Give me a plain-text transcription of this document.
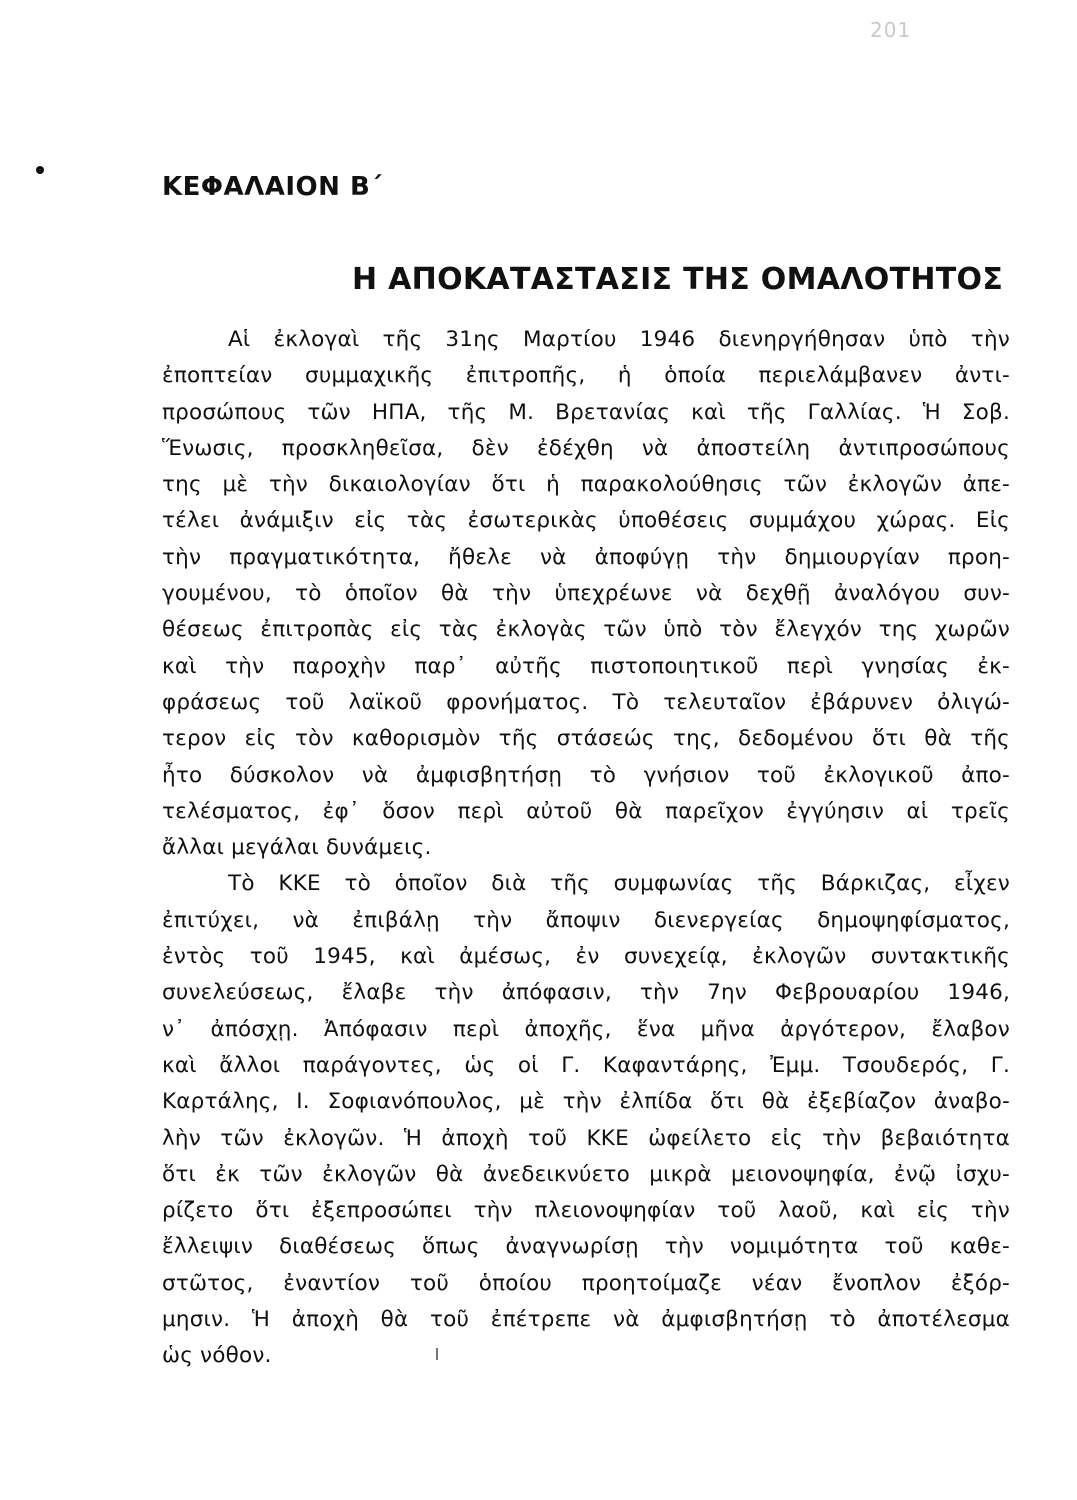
201
ΚΕΦΑΛΑΙΟΝ Β΄
Η ΑΠΟΚΑΤΑΣΤΑΣΙΣ ΤΗΣ ΟΜΑΛΟΤΗΤΟΣ
Αἱ ἐκλογαὶ τῆς 31ης Μαρτίου 1946 διενηργήθησαν ὑπὸ τὴν
ἐποπτείαν συμμαχικῆς ἐπιτροπῆς, ἡ ὁποία περιελάμβανεν ἀντι-
προσώπους τῶν ΗΠΑ, τῆς Μ. Βρετανίας καὶ τῆς Γαλλίας. Ἡ Σοβ.
Ἕνωσις, προσκληθεῖσα, δὲν ἐδέχθη νὰ ἀποστείλη ἀντιπροσώπους
της μὲ τὴν δικαιολογίαν ὅτι ἡ παρακολούθησις τῶν ἐκλογῶν ἀπε-
τέλει ἀνάμιξιν εἰς τὰς ἐσωτερικὰς ὑποθέσεις συμμάχου χώρας. Εἰς
τὴν πραγματικότητα, ἤθελε νὰ ἀποφύγῃ τὴν δημιουργίαν προη-
γουμένου, τὸ ὁποῖον θὰ τὴν ὑπεχρέωνε νὰ δεχθῇ ἀναλόγου συν-
θέσεως ἐπιτροπὰς εἰς τὰς ἐκλογὰς τῶν ὑπὸ τὸν ἔλεγχόν της χωρῶν
καὶ τὴν παροχὴν παρ᾽ αὐτῆς πιστοποιητικοῦ περὶ γνησίας ἐκ-
φράσεως τοῦ λαϊκοῦ φρονήματος. Τὸ τελευταῖον ἐβάρυνεν ὀλιγώ-
τερον εἰς τὸν καθορισμὸν τῆς στάσεώς της, δεδομένου ὅτι θὰ τῆς
ἦτο δύσκολον νὰ ἀμφισβητήσῃ τὸ γνήσιον τοῦ ἐκλογικοῦ ἀπο-
τελέσματος, ἐφ᾽ ὅσον περὶ αὐτοῦ θὰ παρεῖχον ἐγγύησιν αἱ τρεῖς
ἄλλαι μεγάλαι δυνάμεις.
Τὸ ΚΚΕ τὸ ὁποῖον διὰ τῆς συμφωνίας τῆς Βάρκιζας, εἶχεν
ἐπιτύχει, νὰ ἐπιβάλῃ τὴν ἄποψιν διενεργείας δημοψηφίσματος,
ἐντὸς τοῦ 1945, καὶ ἀμέσως, ἐν συνεχείᾳ, ἐκλογῶν συντακτικῆς
συνελεύσεως, ἔλαβε τὴν ἀπόφασιν, τὴν 7ην Φεβρουαρίου 1946,
ν᾽ ἀπόσχῃ. Ἀπόφασιν περὶ ἀποχῆς, ἕνα μῆνα ἀργότερον, ἔλαβον
καὶ ἄλλοι παράγοντες, ὡς οἱ Γ. Καφαντάρης, Ἐμμ. Τσουδερός, Γ.
Καρτάλης, Ι. Σοφιανόπουλος, μὲ τὴν ἐλπίδα ὅτι θὰ ἐξεβίαζον ἀναβο-
λὴν τῶν ἐκλογῶν. Ἡ ἀποχὴ τοῦ ΚΚΕ ὠφείλετο εἰς τὴν βεβαιότητα
ὅτι ἐκ τῶν ἐκλογῶν θὰ ἀνεδεικνύετο μικρὰ μειονοψηφία, ἐνῷ ἰσχυ-
ρίζετο ὅτι ἐξεπροσώπει τὴν πλειονοψηφίαν τοῦ λαοῦ, καὶ εἰς τὴν
ἔλλειψιν διαθέσεως ὅπως ἀναγνωρίσῃ τὴν νομιμότητα τοῦ καθε-
στῶτος, ἐναντίον τοῦ ὁποίου προητοίμαζε νέαν ἔνοπλον ἐξόρ-
μησιν. Ἡ ἀποχὴ θὰ τοῦ ἐπέτρεπε νὰ ἀμφισβητήσῃ τὸ ἀποτέλεσμα
ὡς νόθον.
